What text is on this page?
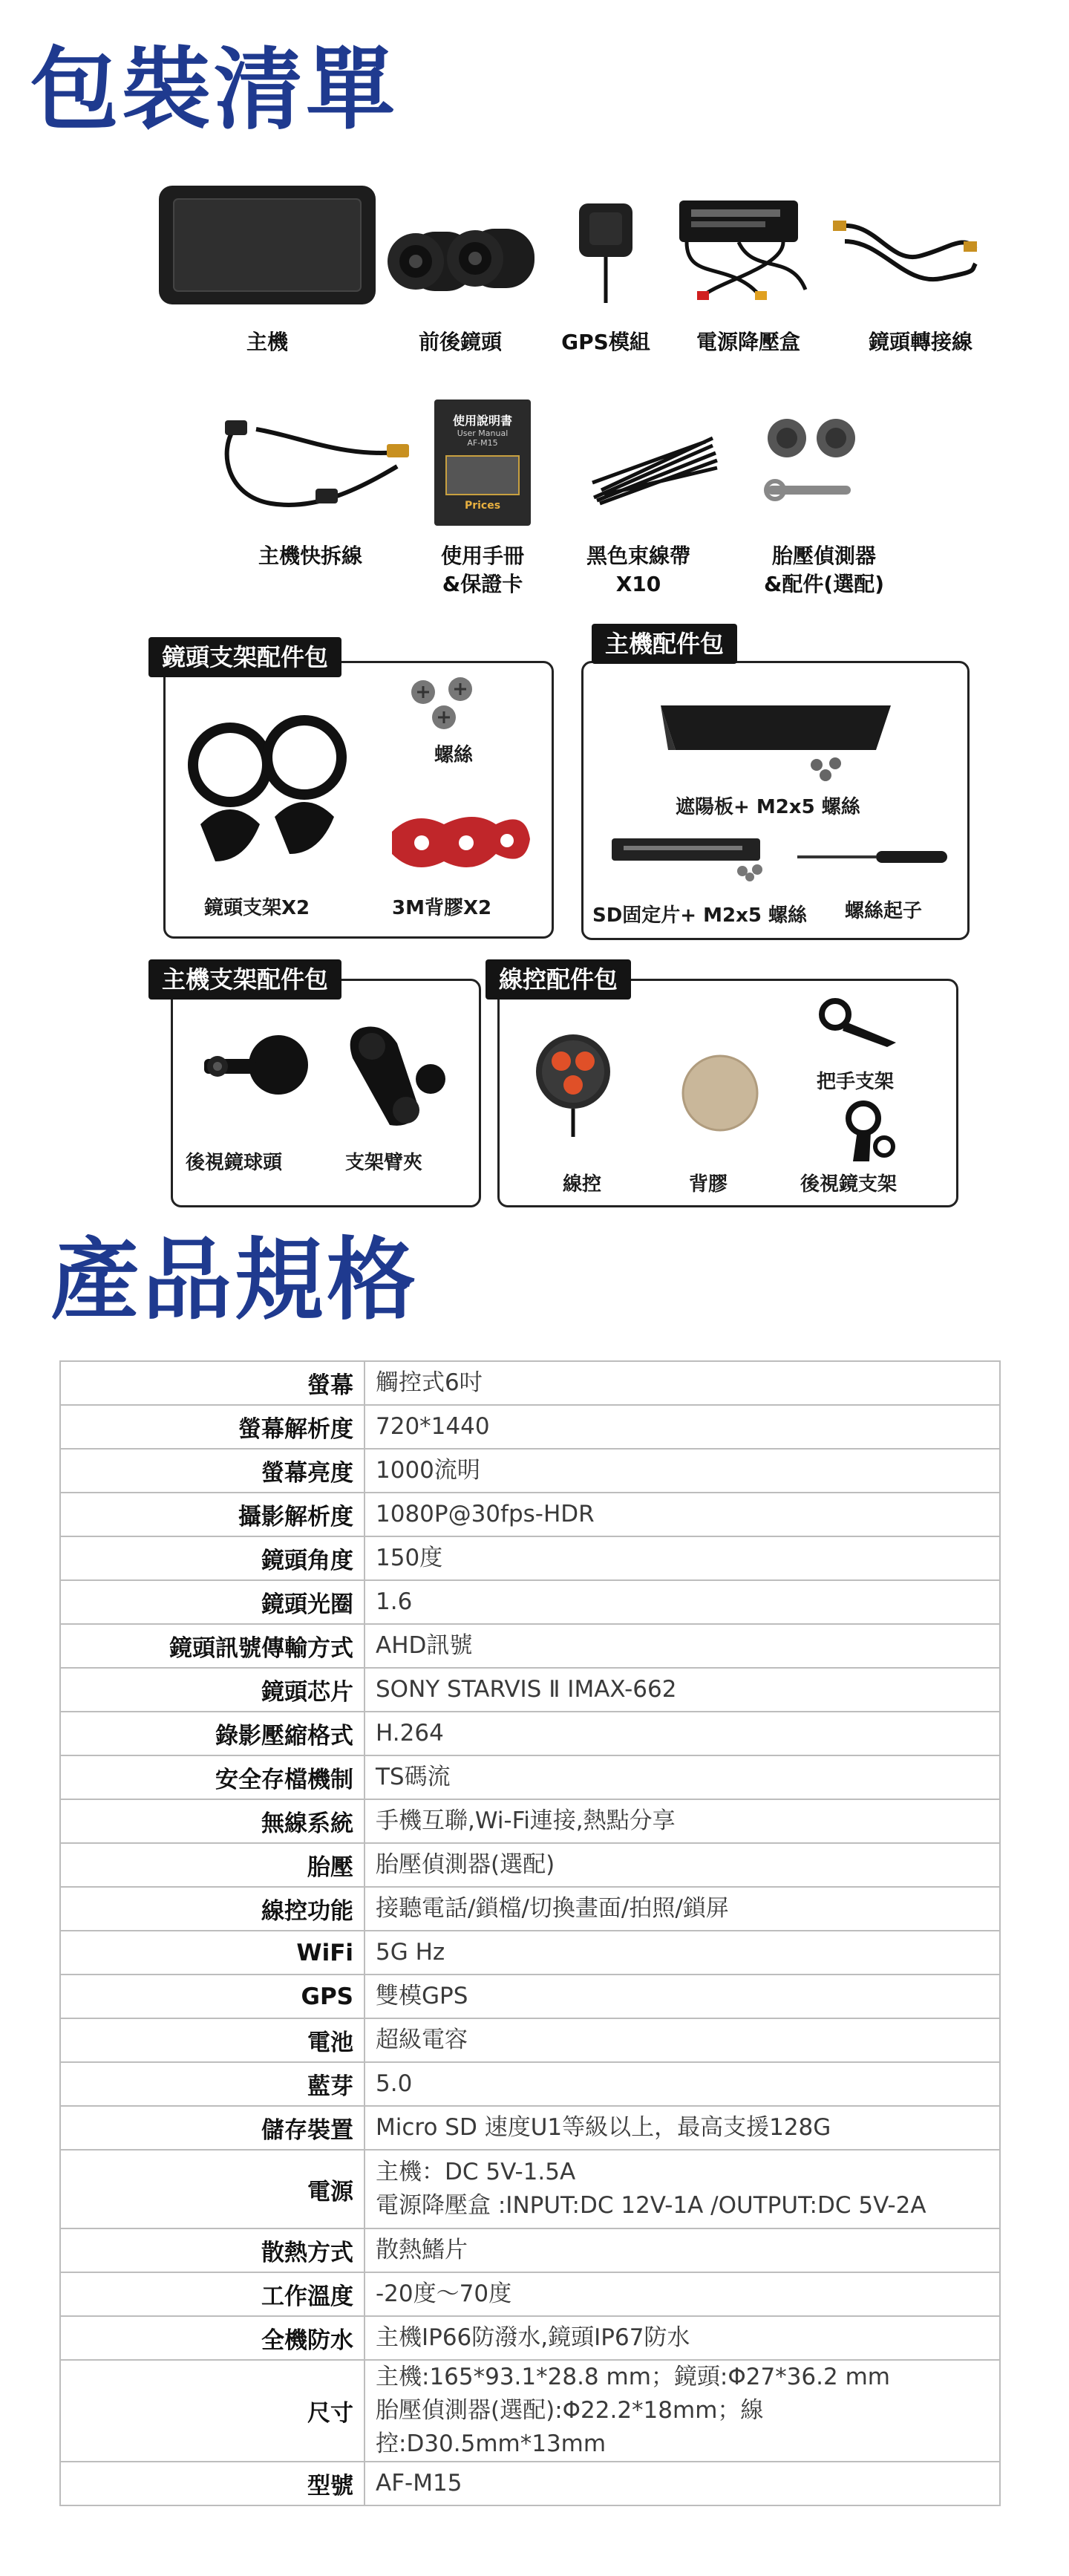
包裝清單
主機	前後鏡頭	GPS模組	電源降壓盒	鏡頭轉接線
使用說明書
User Manual
AF-M15
Prices
主機快拆線	使用手冊
&保證卡
黑色束線帶
X10
胎壓偵測器
&配件(選配)
鏡頭支架配件包
螺絲
鏡頭支架X2	3M背膠X2
主機配件包
遮陽板+ M2x5 螺絲
SD固定片+ M2x5 螺絲 螺絲起子
主機支架配件包
後視鏡球頭	支架臂夾
線控配件包
線控	背膠
把手支架
後視鏡支架
產品規格
螢幕	觸控式6吋

螢幕解析度	720*1440

螢幕亮度	1000流明

攝影解析度	1080P@30fps-HDR

鏡頭角度	150度

鏡頭光圈	1.6

鏡頭訊號傳輸方式	AHD訊號

鏡頭芯片	SONY STARVIS Ⅱ IMAX-662

錄影壓縮格式	H.264

安全存檔機制	TS碼流

無線系統	手機互聯,Wi-Fi連接,熱點分享

胎壓	胎壓偵測器(選配)

線控功能	接聽電話/鎖檔/切換畫面/拍照/鎖屏

WiFi	5G Hz

GPS	雙模GPS

電池	超級電容

藍芽	5.0

儲存裝置	Micro SD 速度U1等級以上，最高支援128G

電源	主機：DC 5V-1.5A
電源降壓盒 :INPUT:DC 12V-1A /OUTPUT:DC 5V-2A

散熱方式	散熱鰭片

工作溫度	-20度～70度

全機防水	主機IP66防潑水,鏡頭IP67防水

尺寸	主機:165*93.1*28.8 mm；鏡頭:Φ27*36.2 mm
胎壓偵測器(選配):Φ22.2*18mm；線控:D30.5mm*13mm

型號	AF-M15
